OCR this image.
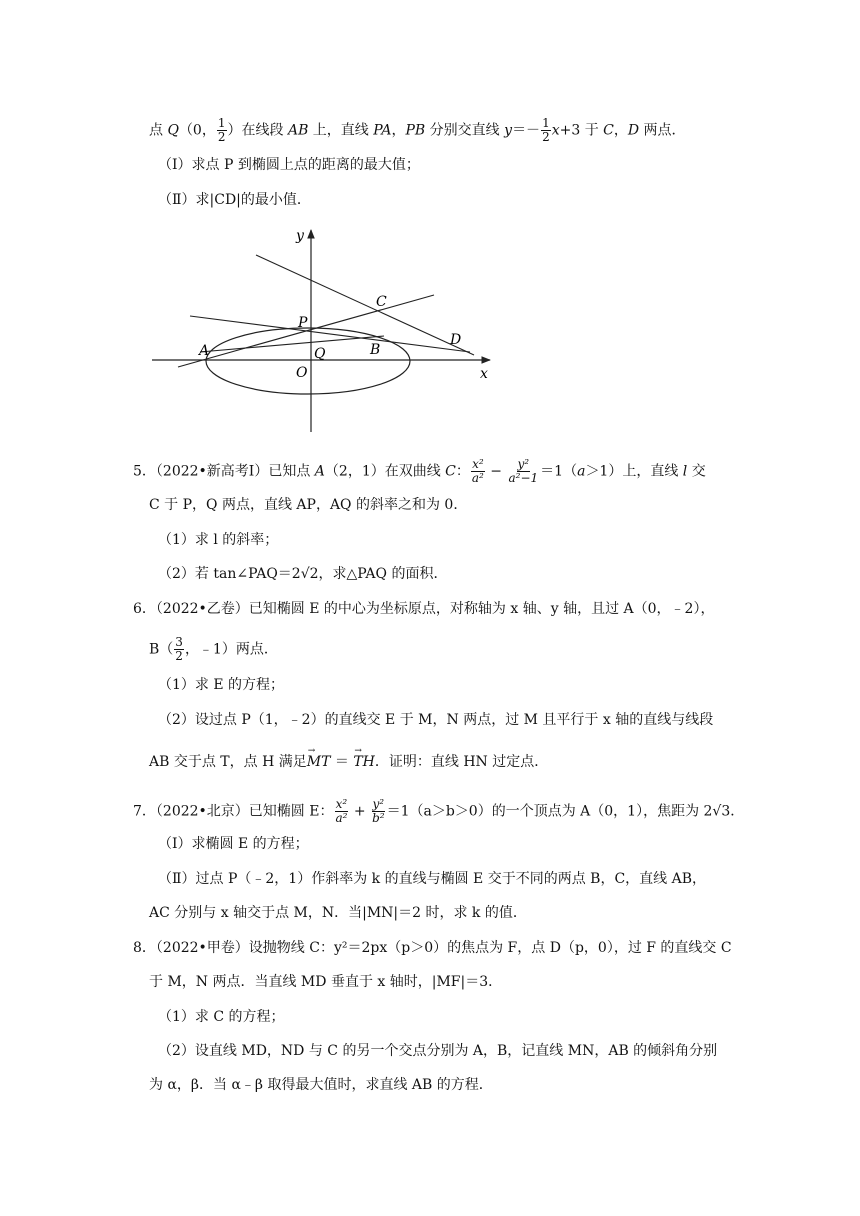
点 Q（0， $\frac{1}{2}$ ）在线段 AB 上，直线 PA，PB 分别交直线 $y=- \frac{1}{2} x+3$ 于 C，D 两点．
（Ⅰ）求点 P 到椭圆上点的距离的最大值；
（Ⅱ）求|CD|的最小值．
y
x
P
C
D
A	Q	B
O
5．（2022•新高考Ⅰ）已知点 A（2，1）在双曲线 C： $\frac{\text{x²}}{\text{a²}} - \frac{\text{y²}}{\text{a²−1}} =1(a>1)$上，直线 l 交
C 于 P，Q 两点，直线 AP，AQ 的斜率之和为 0．
（1）求 l 的斜率；
（2）若 tan∠PAQ＝2√2，求△PAQ 的面积．
6．（2022•乙卷）已知椭圆 E 的中心为坐标原点，对称轴为 x 轴、y 轴，且过 A（0，﹣2），
$B( \frac{3}{2}$ ，﹣1）两点．
（1）求 E 的方程；
（2）设过点 P（1，﹣2）的直线交 E 于 M，N 两点，过 M 且平行于 x 轴的直线与线段
AB 交于点 T，点 H 满足→ MT ＝ → TH．证明：直线 HN 过定点．
7．（2022•北京）已知椭圆 E： $\frac{\text{x²}}{\text{a²}} + \frac{\text{y²}}{\text{b²}} =1(a>b>0)$的一个顶点为 A（0，1），焦距为 2√3．
（Ⅰ）求椭圆 E 的方程；
（Ⅱ）过点 P（﹣2，1）作斜率为 k 的直线与椭圆 E 交于不同的两点 B，C，直线 AB，
AC 分别与 x 轴交于点 M，N．当|MN|＝2 时，求 k 的值．
8．（2022•甲卷）设抛物线 C：y²＝2px（p＞0）的焦点为 F，点 D（p，0），过 F 的直线交 C
于 M，N 两点．当直线 MD 垂直于 x 轴时，|MF|＝3．
（1）求 C 的方程；
（2）设直线 MD，ND 与 C 的另一个交点分别为 A，B，记直线 MN，AB 的倾斜角分别
为 α，β．当 α﹣β 取得最大值时，求直线 AB 的方程．
